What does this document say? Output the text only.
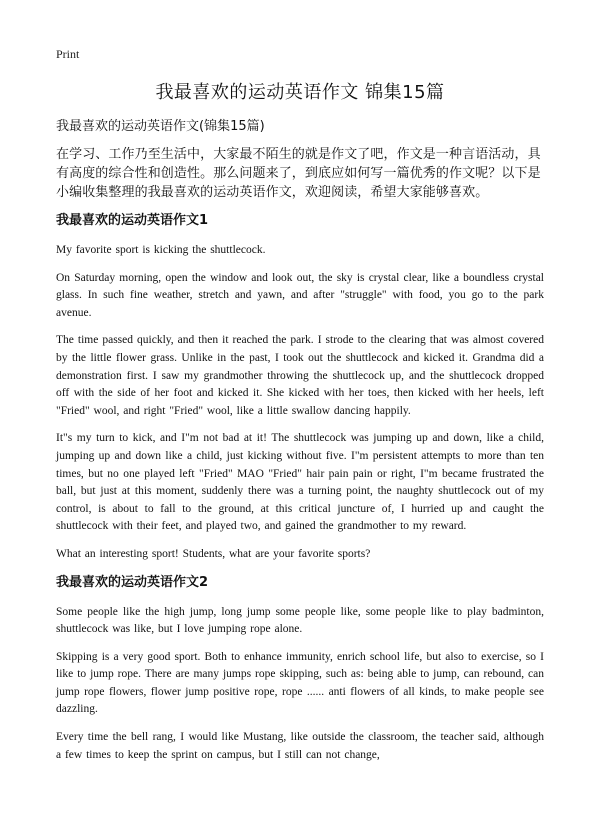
Print
我最喜欢的运动英语作文 锦集15篇

我最喜欢的运动英语作文(锦集15篇)

在学习、工作乃至生活中，大家最不陌生的就是作文了吧，作文是一种言语活动，具有高度的综合性和创造性。那么问题来了，到底应如何写一篇优秀的作文呢？以下是小编收集整理的我最喜欢的运动英语作文，欢迎阅读，希望大家能够喜欢。

我最喜欢的运动英语作文1

My favorite sport is kicking the shuttlecock.

On Saturday morning, open the window and look out, the sky is crystal clear, like a boundless crystal glass. In such fine weather, stretch and yawn, and after "struggle" with food, you go to the park avenue.

The time passed quickly, and then it reached the park. I strode to the clearing that was almost covered by the little flower grass. Unlike in the past, I took out the shuttlecock and kicked it. Grandma did a demonstration first. I saw my grandmother throwing the shuttlecock up, and the shuttlecock dropped off with the side of her foot and kicked it. She kicked with her toes, then kicked with her heels, left "Fried" wool, and right "Fried" wool, like a little swallow dancing happily.

It"s my turn to kick, and I"m not bad at it! The shuttlecock was jumping up and down, like a child, jumping up and down like a child, just kicking without five. I"m persistent attempts to more than ten times, but no one played left "Fried" MAO "Fried" hair pain pain or right, I"m became frustrated the ball, but just at this moment, suddenly there was a turning point, the naughty shuttlecock out of my control, is about to fall to the ground, at this critical juncture of, I hurried up and caught the shuttlecock with their feet, and played two, and gained the grandmother to my reward.

What an interesting sport! Students, what are your favorite sports?

我最喜欢的运动英语作文2

Some people like the high jump, long jump some people like, some people like to play badminton, shuttlecock was like, but I love jumping rope alone.

Skipping is a very good sport. Both to enhance immunity, enrich school life, but also to exercise, so I like to jump rope. There are many jumps rope skipping, such as: being able to jump, can rebound, can jump rope flowers, flower jump positive rope, rope ...... anti flowers of all kinds, to make people see dazzling.

Every time the bell rang, I would like Mustang, like outside the classroom, the teacher said, although a few times to keep the sprint on campus, but I still can not change,
